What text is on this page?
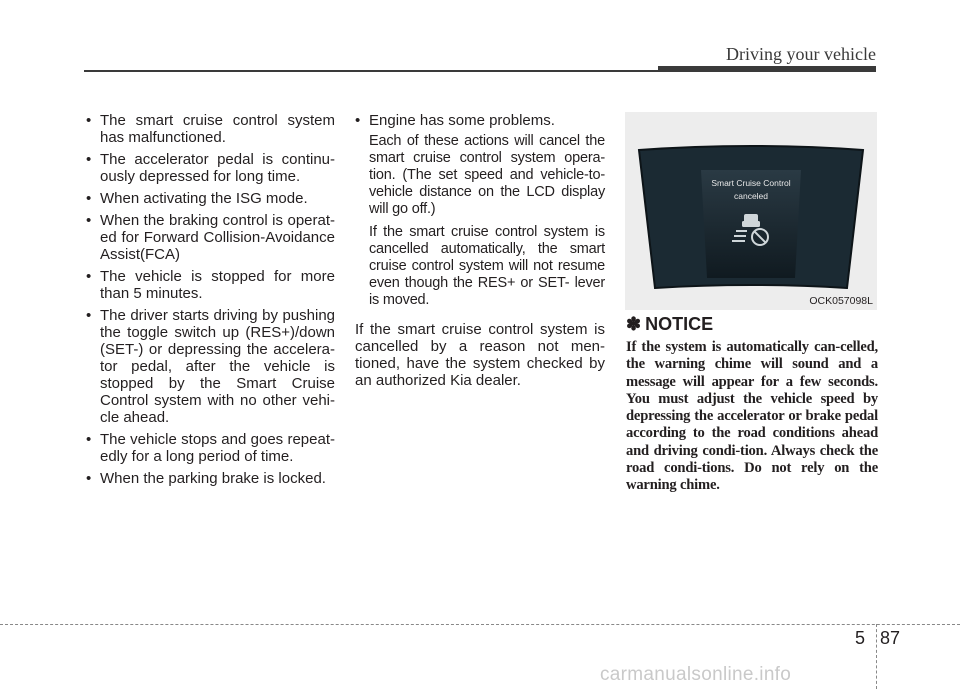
Driving your vehicle
• The smart cruise control system has malfunctioned.
• The accelerator pedal is continu-ously depressed for long time.
• When activating the ISG mode.
• When the braking control is operat-ed for Forward Collision-Avoidance Assist(FCA)
• The vehicle is stopped for more than 5 minutes.
• The driver starts driving by pushing the toggle switch up (RES+)/down (SET-) or depressing the accelera-tor pedal, after the vehicle is stopped by the Smart Cruise Control system with no other vehi-cle ahead.
• The vehicle stops and goes repeat-edly for a long period of time.
• When the parking brake is locked.
• Engine has some problems.

Each of these actions will cancel the smart cruise control system opera-tion. (The set speed and vehicle-to-vehicle distance on the LCD display will go off.)

If the smart cruise control system is cancelled automatically, the smart cruise control system will not resume even though the RES+ or SET- lever is moved.

If the smart cruise control system is cancelled by a reason not men-tioned, have the system checked by an authorized Kia dealer.

Smart Cruise Control
canceled
OCK057098L
✽ NOTICE

If the system is automatically can-celled, the warning chime will sound and a message will appear for a few seconds. You must adjust the vehicle speed by depressing the accelerator or brake pedal according to the road conditions ahead and driving condi-tion. Always check the road condi-tions. Do not rely on the warning chime.

5 87
carmanualsonline.info
